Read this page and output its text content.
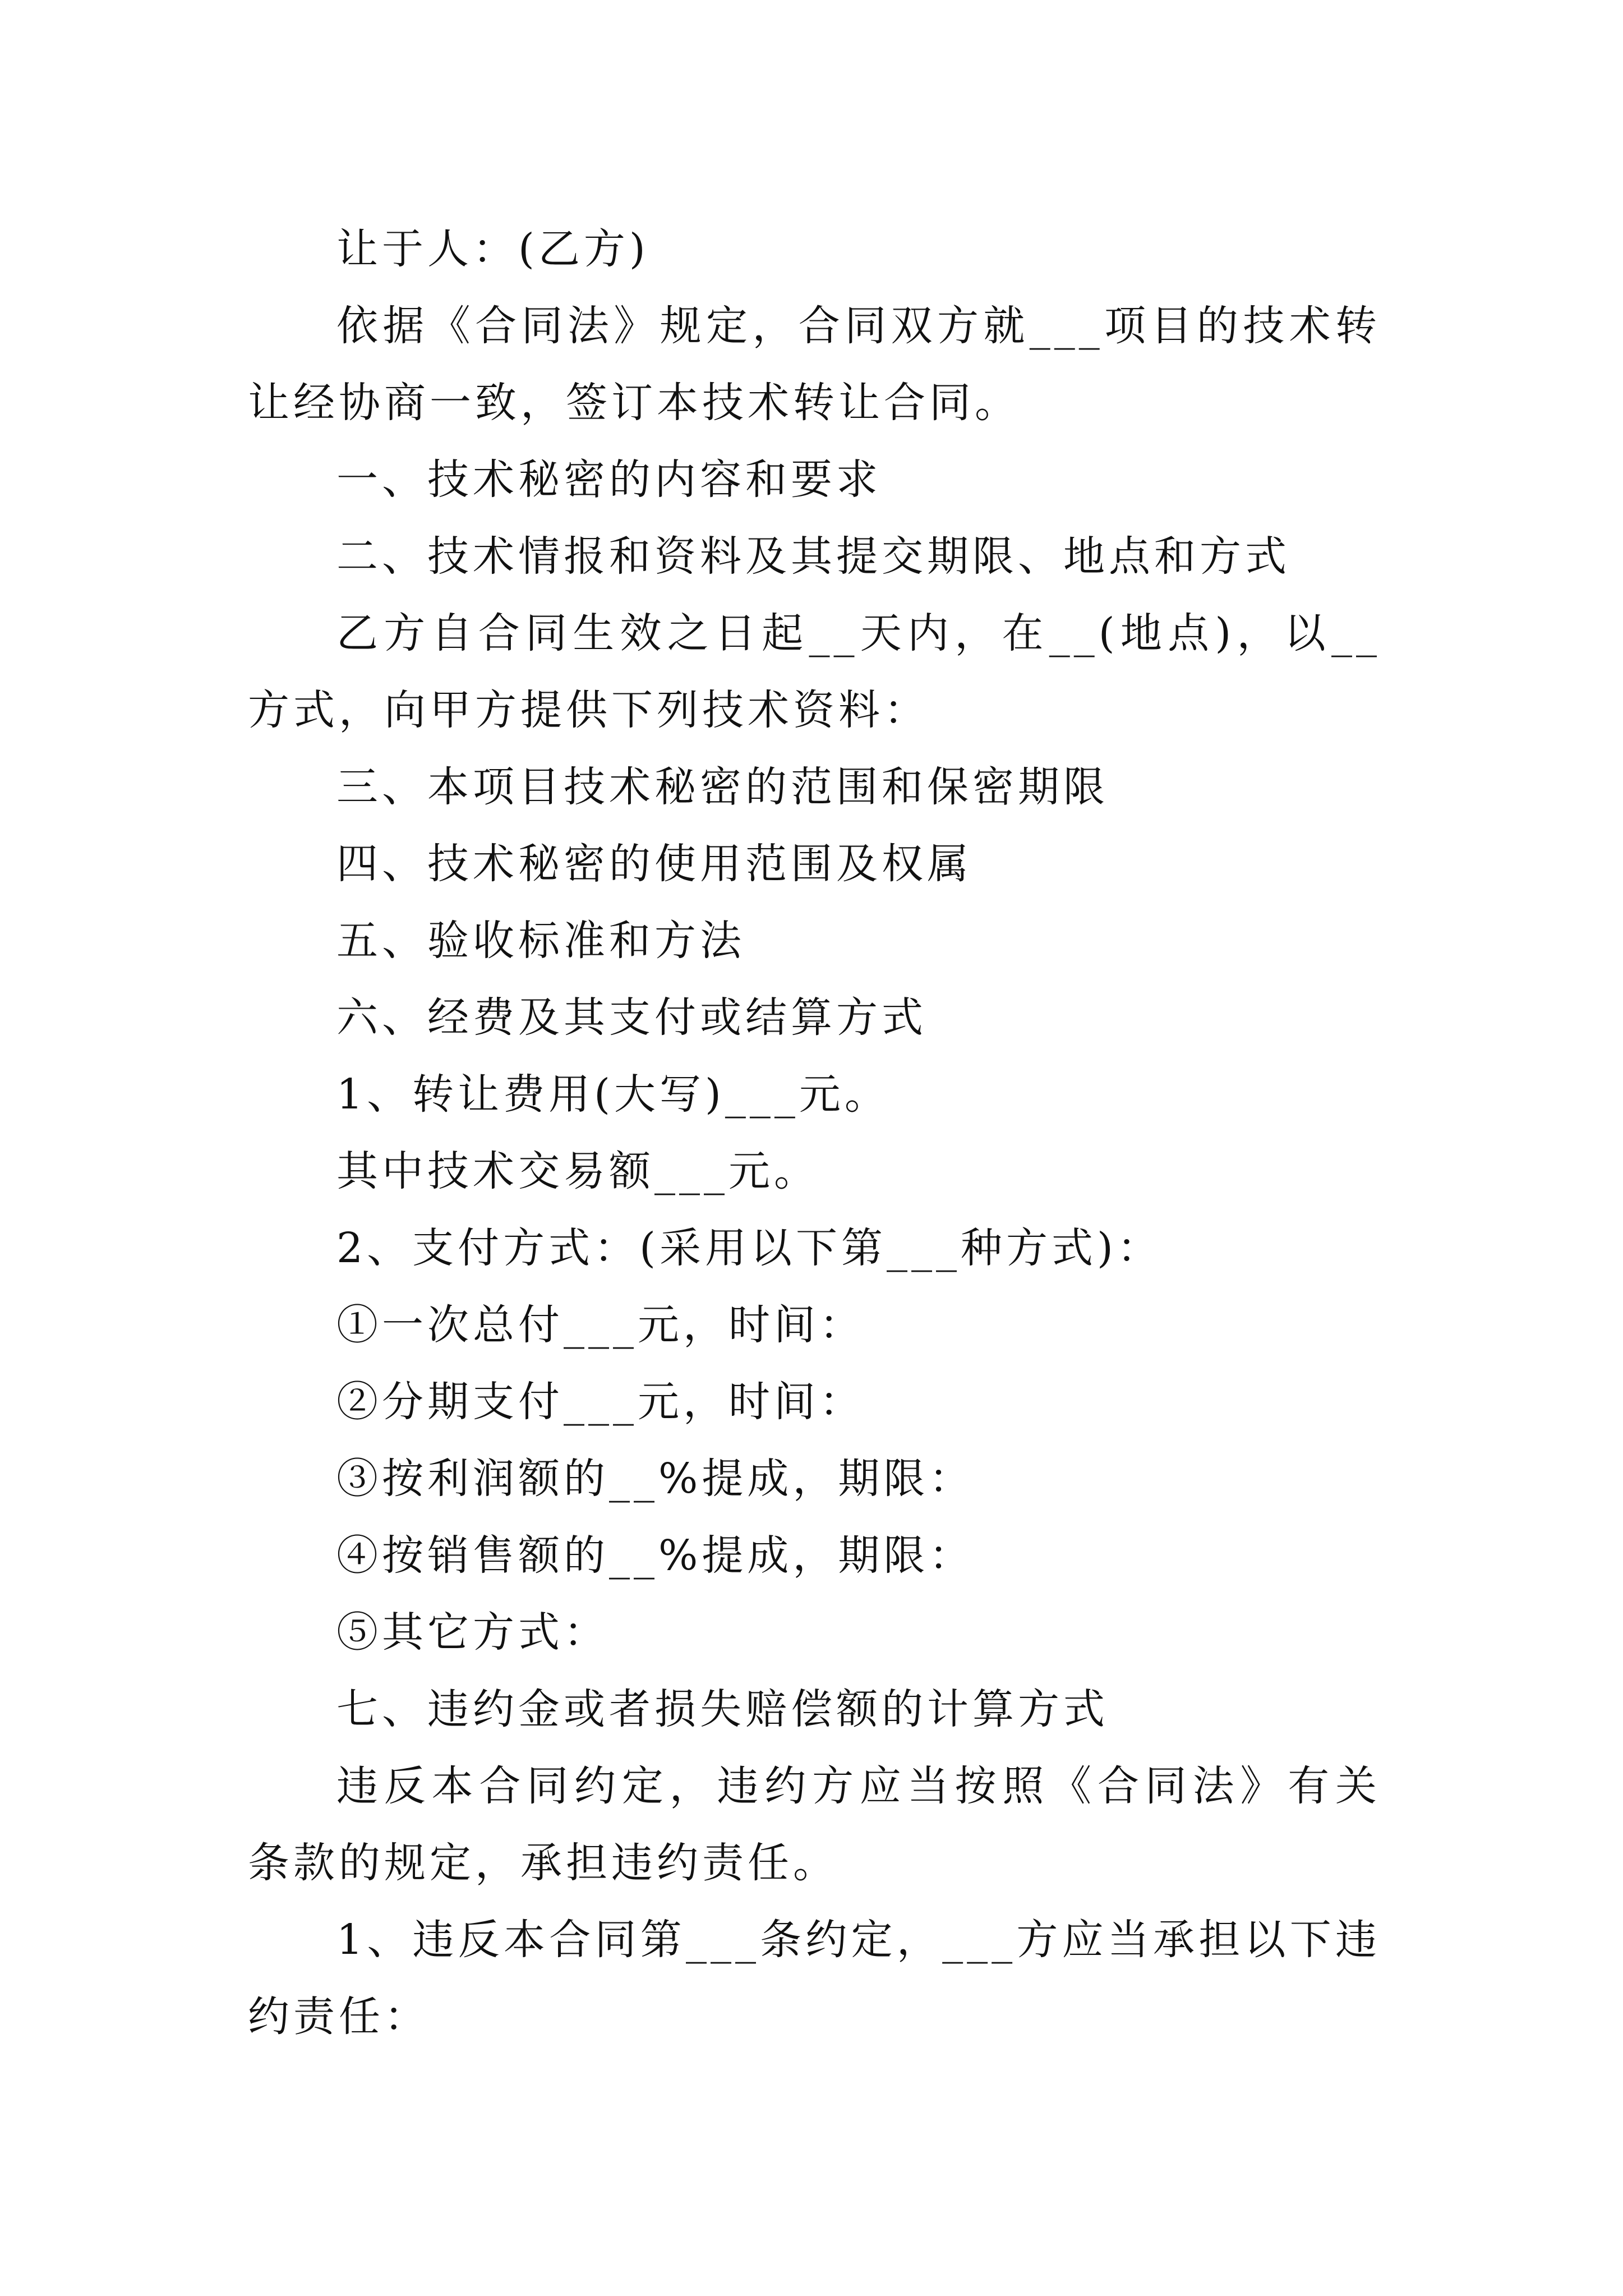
让于人：(乙方)

依据《合同法》规定，合同双方就___项目的技术转让经协商一致，签订本技术转让合同。

一、技术秘密的内容和要求

二、技术情报和资料及其提交期限、地点和方式

乙方自合同生效之日起__天内，在__(地点)，以__方式，向甲方提供下列技术资料：

三、本项目技术秘密的范围和保密期限

四、技术秘密的使用范围及权属

五、验收标准和方法

六、经费及其支付或结算方式

1、转让费用(大写)___元。

其中技术交易额___元。

2、支付方式：(采用以下第___种方式)：

①一次总付___元，时间：

②分期支付___元，时间：

③按利润额的__%提成，期限：

④按销售额的__%提成，期限：

⑤其它方式：

七、违约金或者损失赔偿额的计算方式

违反本合同约定，违约方应当按照《合同法》有关条款的规定，承担违约责任。

1、违反本合同第___条约定，___方应当承担以下违约责任：
